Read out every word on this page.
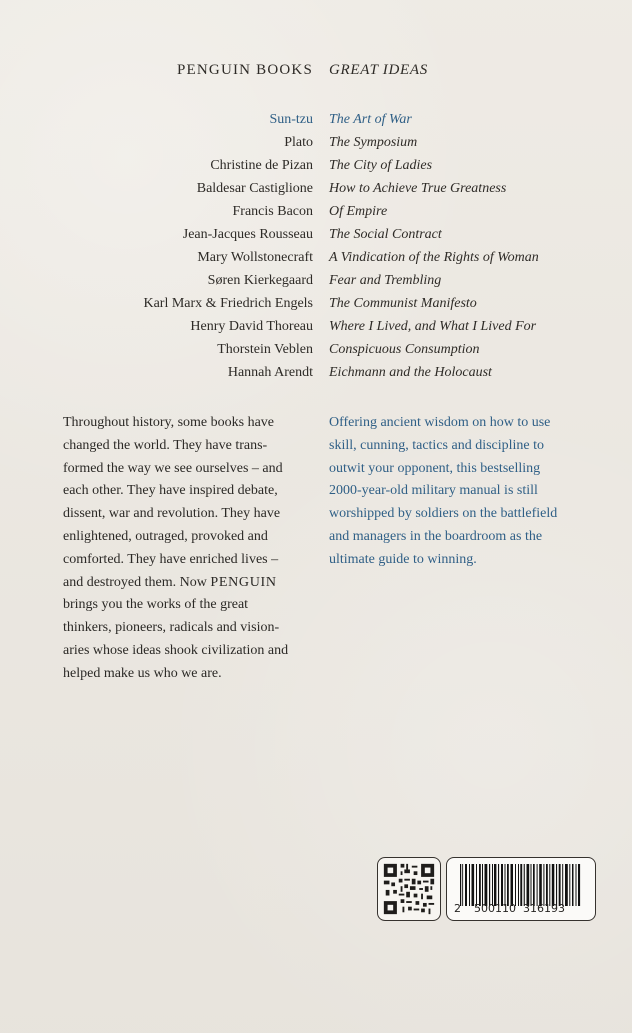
PENGUIN BOOKS GREAT IDEAS
Sun-tzu The Art of War
Plato The Symposium
Christine de Pizan The City of Ladies
Baldesar Castiglione How to Achieve True Greatness
Francis Bacon Of Empire
Jean-Jacques Rousseau The Social Contract
Mary Wollstonecraft A Vindication of the Rights of Woman
Søren Kierkegaard Fear and Trembling
Karl Marx & Friedrich Engels The Communist Manifesto
Henry David Thoreau Where I Lived, and What I Lived For
Thorstein Veblen Conspicuous Consumption
Hannah Arendt Eichmann and the Holocaust
Throughout history, some books have
changed the world. They have trans-
formed the way we see ourselves – and
each other. They have inspired debate,
dissent, war and revolution. They have
enlightened, outraged, provoked and
comforted. They have enriched lives –
and destroyed them. Now PENGUIN
brings you the works of the great
thinkers, pioneers, radicals and vision-
aries whose ideas shook civilization and
helped make us who we are.
Offering ancient wisdom on how to use
skill, cunning, tactics and discipline to
outwit your opponent, this bestselling
2000-year-old military manual is still
worshipped by soldiers on the battlefield
and managers in the boardroom as the
ultimate guide to winning.
2 500110 316193
